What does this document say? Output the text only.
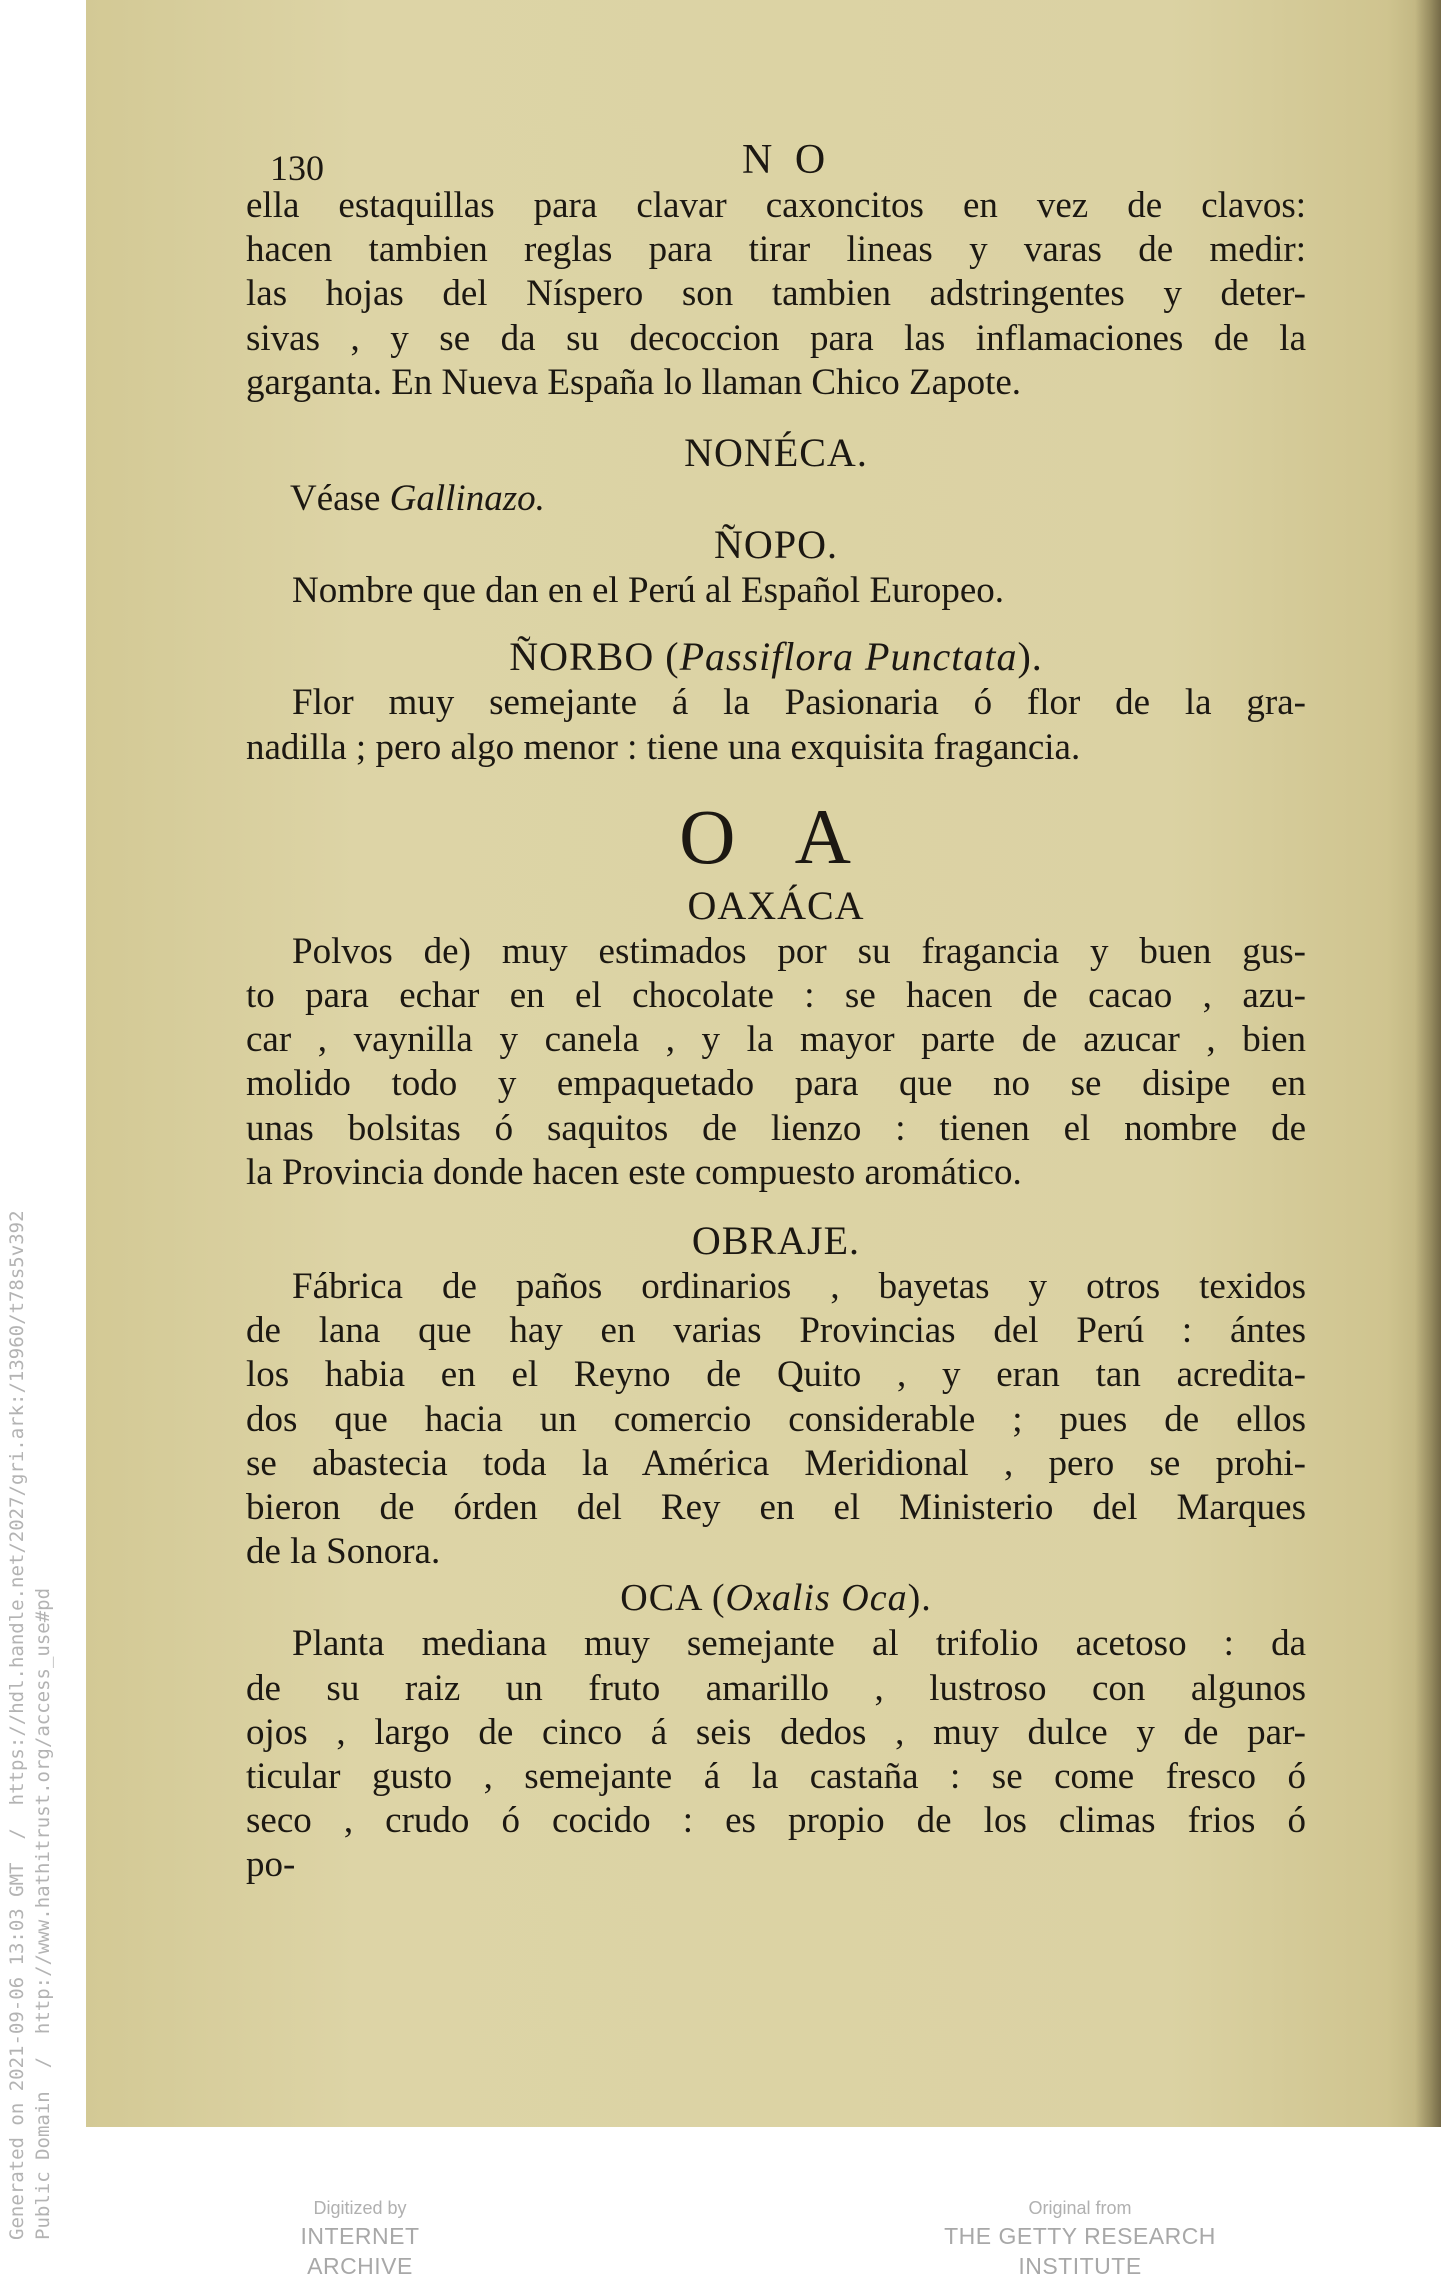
130	N O

ella estaquillas para clavar caxoncitos en vez de clavos:
hacen tambien reglas para tirar lineas y varas de medir:
las hojas del Níspero son tambien adstringentes y deter-
sivas , y se da su decoccion para las inflamaciones de la
garganta. En Nueva España lo llaman Chico Zapote.

NONÉCA.

Véase Gallinazo.

ÑOPO.

Nombre que dan en el Perú al Español Europeo.

ÑORBO (Passiflora Punctata).

Flor muy semejante á la Pasionaria ó flor de la gra-
nadilla ; pero algo menor : tiene una exquisita fragancia.

O A

OAXÁCA

Polvos de) muy estimados por su fragancia y buen gus-
to para echar en el chocolate : se hacen de cacao , azu-
car , vaynilla y canela , y la mayor parte de azucar , bien
molido todo y empaquetado para que no se disipe en
unas bolsitas ó saquitos de lienzo : tienen el nombre de
la Provincia donde hacen este compuesto aromático.

OBRAJE.

Fábrica de paños ordinarios , bayetas y otros texidos
de lana que hay en varias Provincias del Perú : ántes
los habia en el Reyno de Quito , y eran tan acredita-
dos que hacia un comercio considerable ; pues de ellos
se abastecia toda la América Meridional , pero se prohi-
bieron de órden del Rey en el Ministerio del Marques
de la Sonora.

OCA (Oxalis Oca).

Planta mediana muy semejante al trifolio acetoso : da
de su raiz un fruto amarillo , lustroso con algunos
ojos , largo de cinco á seis dedos , muy dulce y de par-
ticular gusto , semejante á la castaña : se come fresco ó
seco , crudo ó cocido : es propio de los climas frios ó

po-

Generated on 2021-09-06 13:03 GMT  /  https://hdl.handle.net/2027/gri.ark:/13960/t78s5v392
Public Domain  /  http://www.hathitrust.org/access_use#pd
Digitized by
INTERNET ARCHIVE
Original from
THE GETTY RESEARCH INSTITUTE
